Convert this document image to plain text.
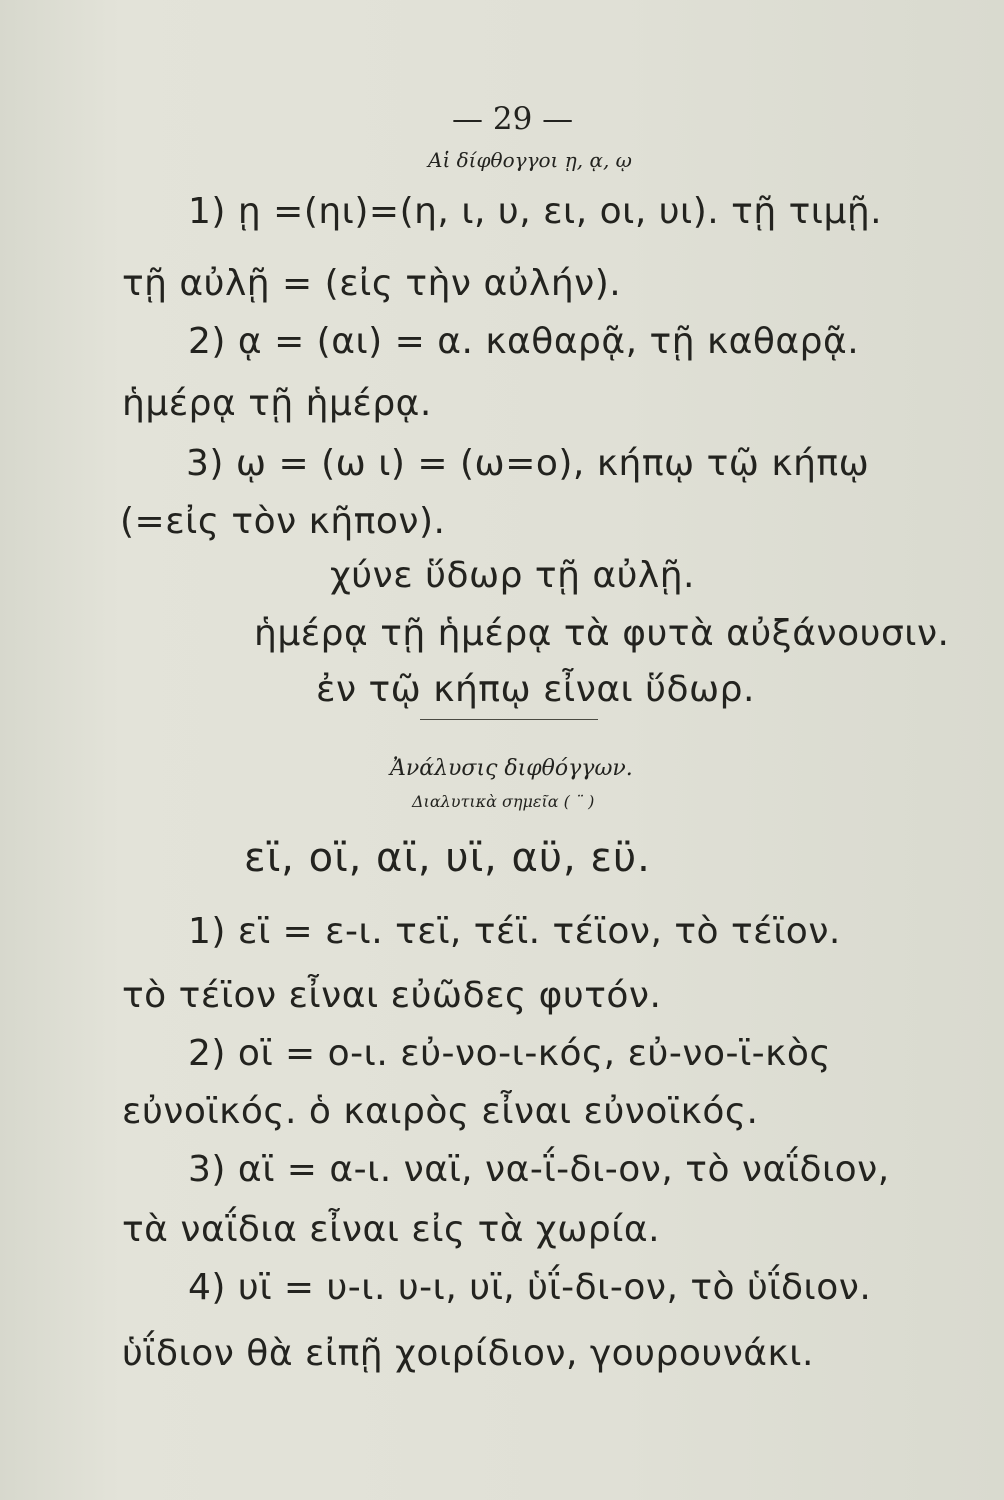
— 29 —
Αἱ δίφθογγοι ῃ, ᾳ, ῳ
1) ῃ =(ηι)=(η, ι, υ, ει, οι, υι). τῇ τιμῇ.
τῇ αὐλῇ = (εἰς τὴν αὐλήν).
2) ᾳ = (αι) = α. καθαρᾷ, τῇ καθαρᾷ.
ἡμέρᾳ τῇ ἡμέρᾳ.
3) ῳ = (ω ι) = (ω=ο), κήπῳ τῷ κήπῳ
(=εἰς τὸν κῆπον).
χύνε ὕδωρ τῇ αὐλῇ.
ἡμέρᾳ τῇ ἡμέρᾳ τὰ φυτὰ αὐξάνουσιν.
ἐν τῷ κήπῳ εἶναι ὕδωρ.
Ἀνάλυσις διφθόγγων.
Διαλυτικὰ σημεῖα ( ¨ )
εϊ, οϊ, αϊ, υϊ, αϋ, εϋ.
1) εϊ = ε-ι. τεϊ, τέϊ. τέϊον, τὸ τέϊον.
τὸ τέϊον εἶναι εὐῶδες φυτόν.
2) οϊ = ο-ι. εὐ-νο-ι-κός, εὐ-νο-ϊ-κὸς
εὐνοϊκός. ὁ καιρὸς εἶναι εὐνοϊκός.
3) αϊ = α-ι. ναϊ, να-ΐ-δι-ον, τὸ ναΐδιον,
τὰ ναΐδια εἶναι εἰς τὰ χωρία.
4) υϊ = υ-ι. υ-ι, υϊ, ὑΐ-δι-ον, τὸ ὑΐδιον.
ὑΐδιον θὰ εἰπῇ χοιρίδιον, γουρουνάκι.
